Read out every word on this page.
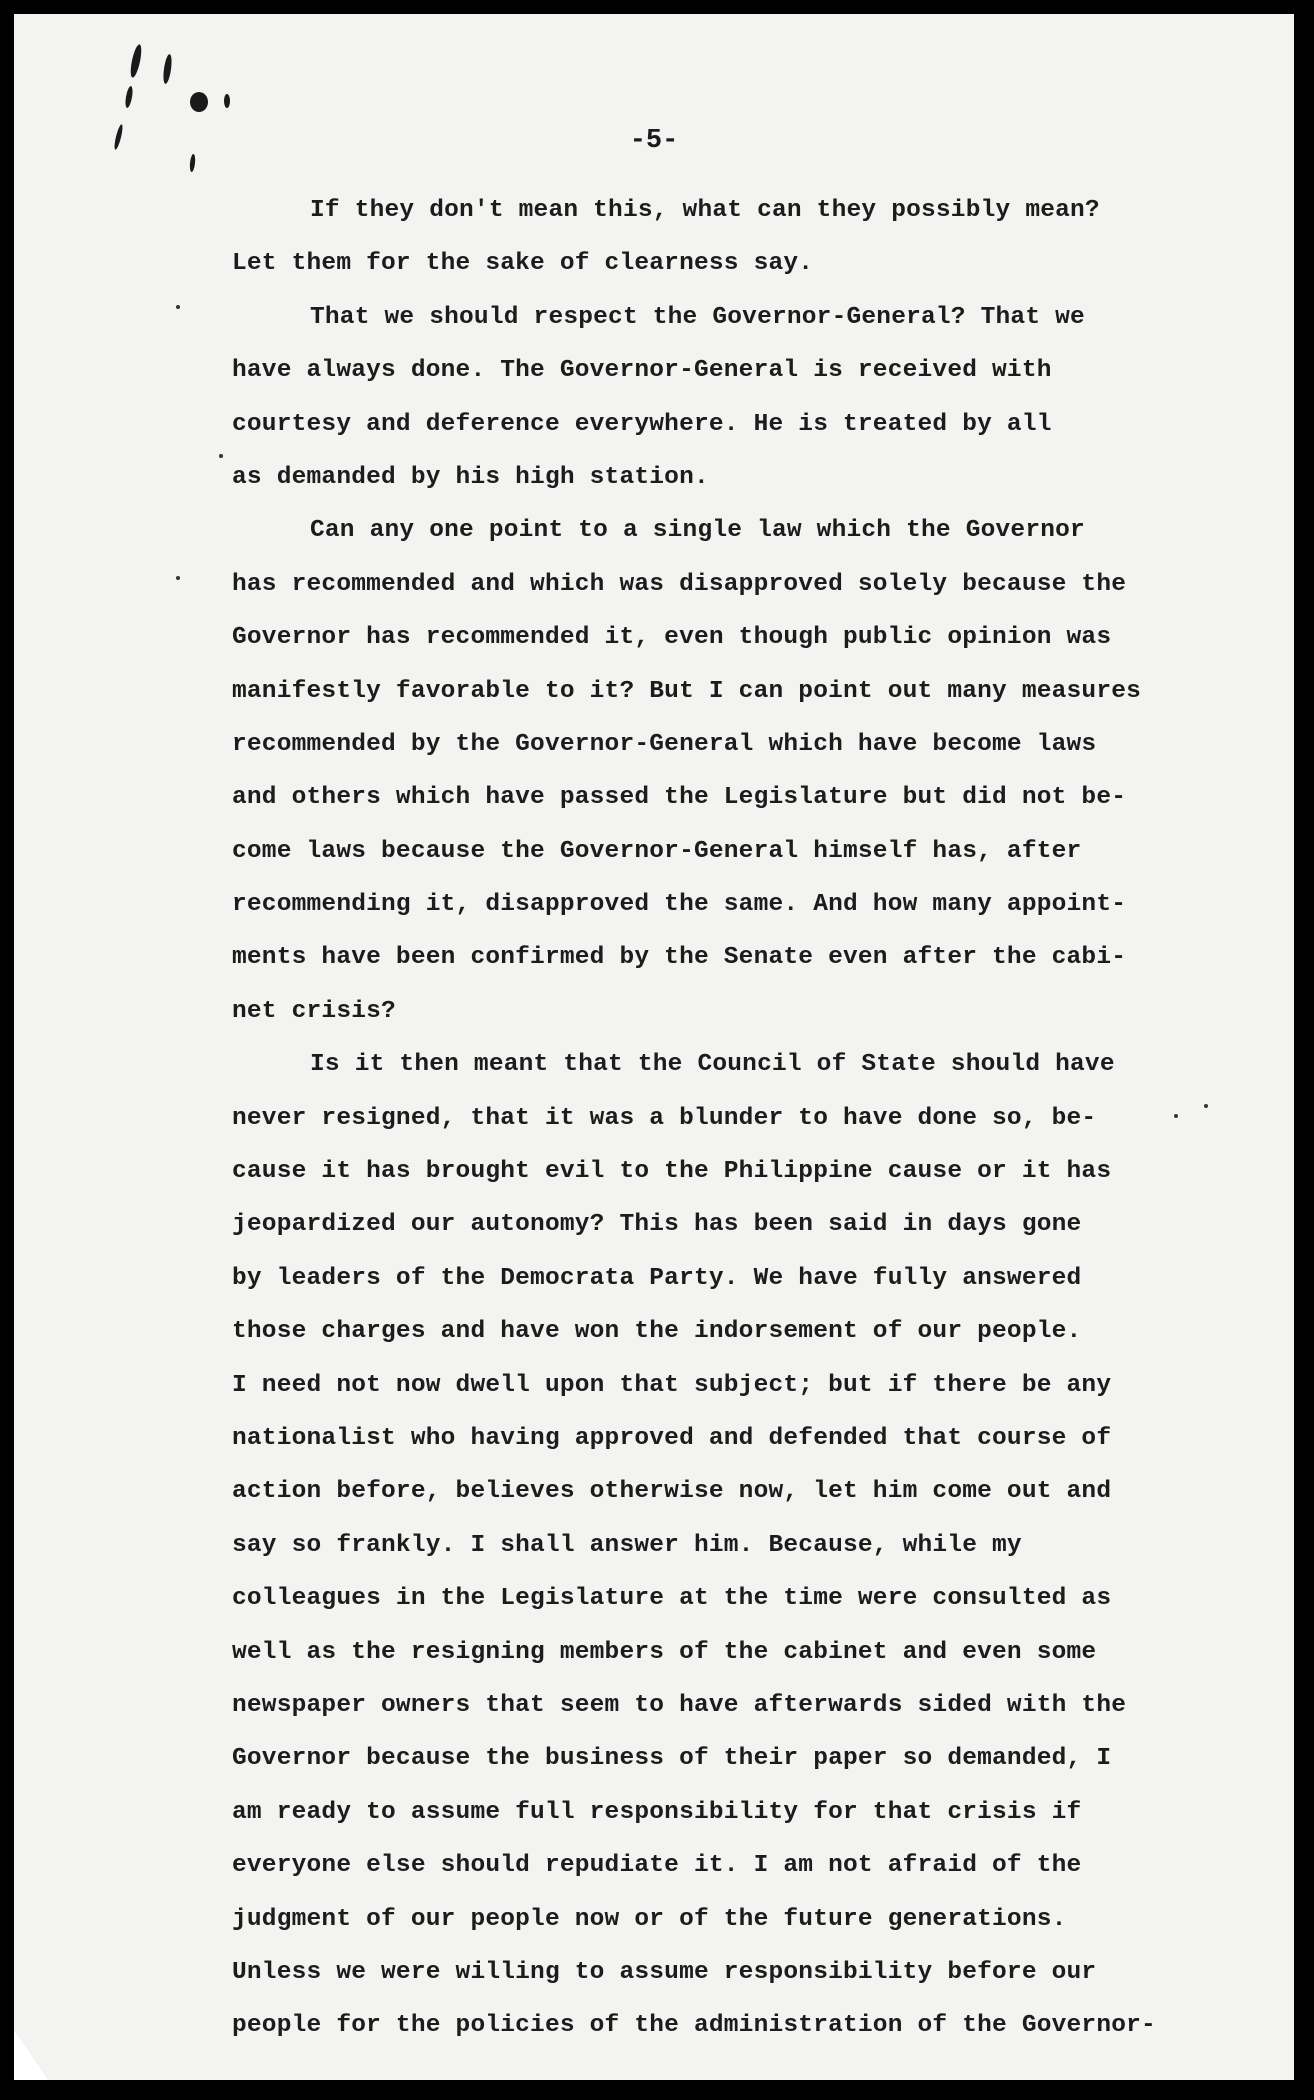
-5-
If they don't mean this, what can they possibly mean?
Let them for the sake of clearness say.
That we should respect the Governor-General? That we
have always done. The Governor-General is received with
courtesy and deference everywhere. He is treated by all
as demanded by his high station.
Can any one point to a single law which the Governor
has recommended and which was disapproved solely because the
Governor has recommended it, even though public opinion was
manifestly favorable to it? But I can point out many measures
recommended by the Governor-General which have become laws
and others which have passed the Legislature but did not be-
come laws because the Governor-General himself has, after
recommending it, disapproved the same. And how many appoint-
ments have been confirmed by the Senate even after the cabi-
net crisis?
Is it then meant that the Council of State should have
never resigned, that it was a blunder to have done so, be-
cause it has brought evil to the Philippine cause or it has
jeopardized our autonomy? This has been said in days gone
by leaders of the Democrata Party. We have fully answered
those charges and have won the indorsement of our people.
I need not now dwell upon that subject; but if there be any
nationalist who having approved and defended that course of
action before, believes otherwise now, let him come out and
say so frankly. I shall answer him. Because, while my
colleagues in the Legislature at the time were consulted as
well as the resigning members of the cabinet and even some
newspaper owners that seem to have afterwards sided with the
Governor because the business of their paper so demanded, I
am ready to assume full responsibility for that crisis if
everyone else should repudiate it. I am not afraid of the
judgment of our people now or of the future generations.
Unless we were willing to assume responsibility before our
people for the policies of the administration of the Governor-
